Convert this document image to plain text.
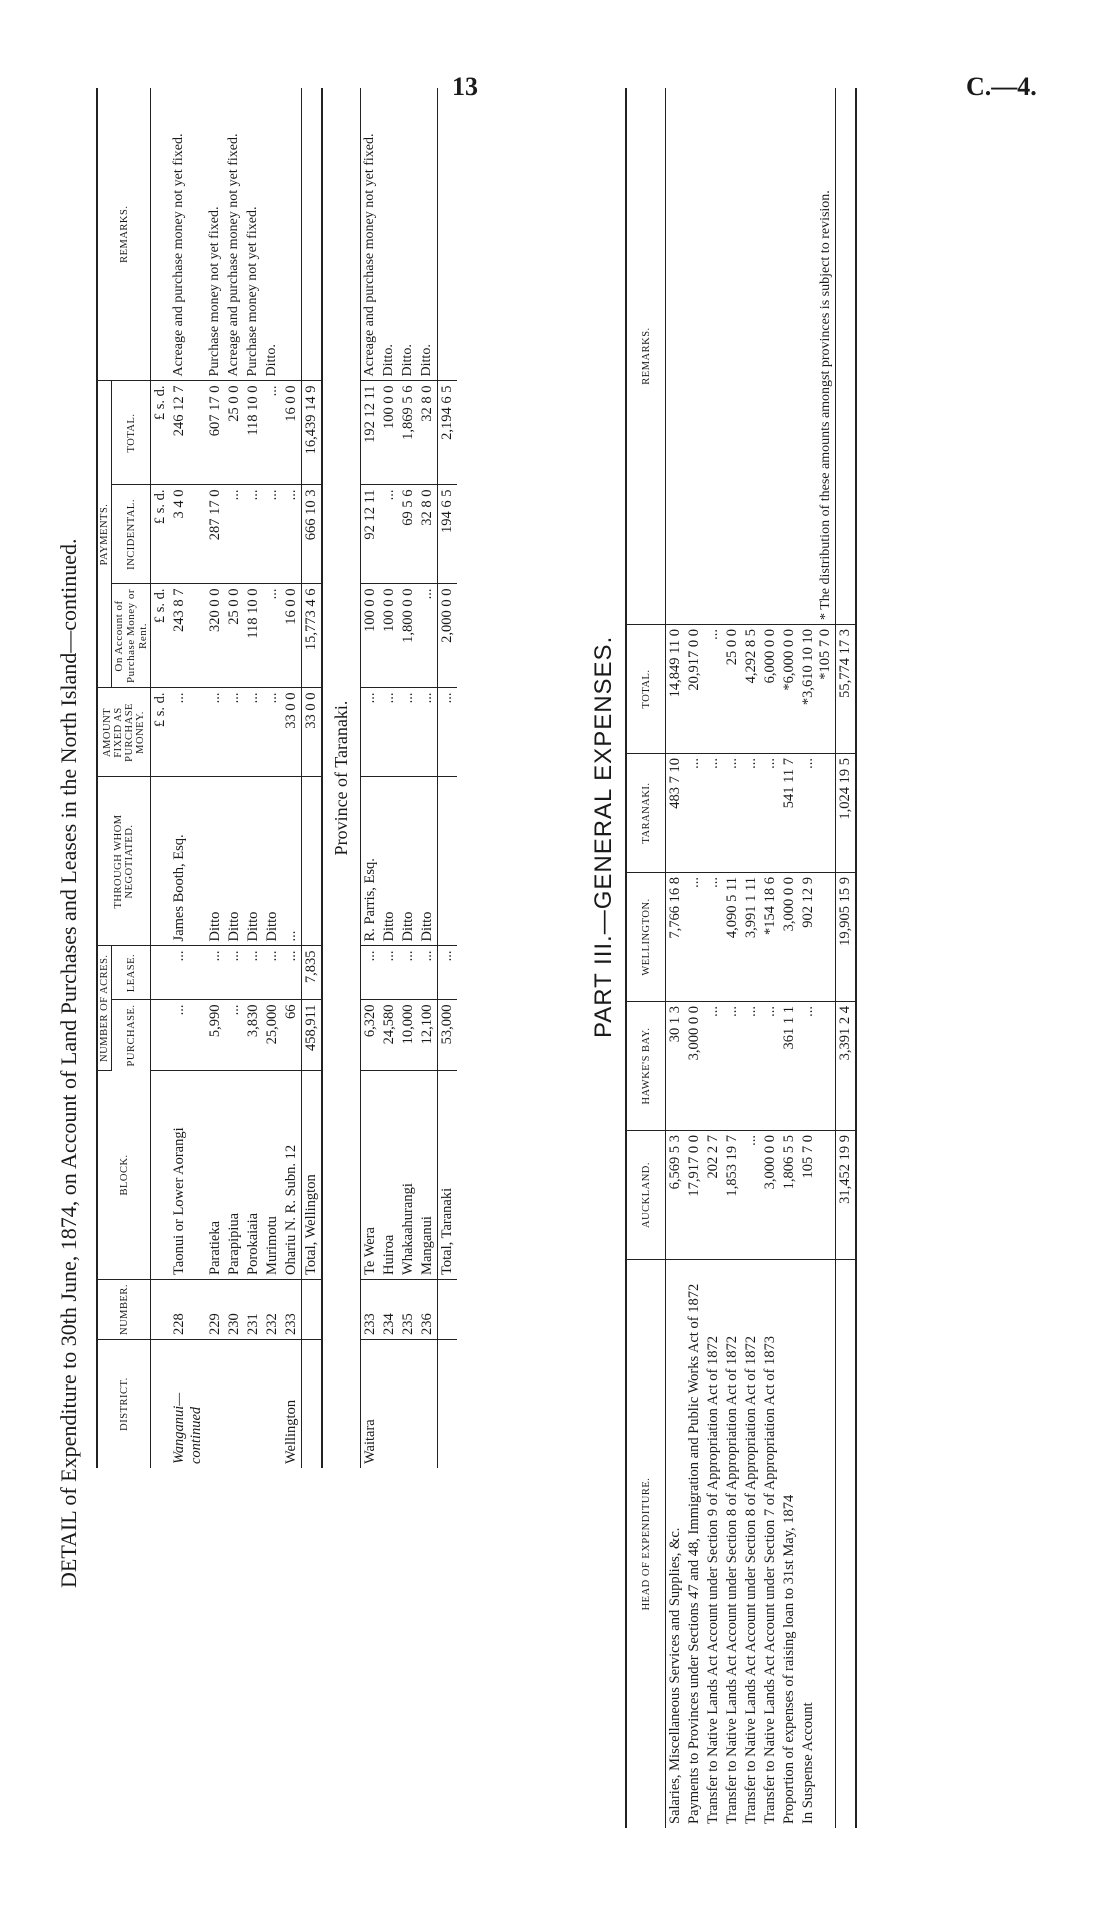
13	C.—4.
DETAIL of Expenditure to 30th June, 1874, on Account of Land Purchases and Leases in the North Island—continued.	DISTRICT.	NUMBER.	BLOCK.	NUMBER OF ACRES.		THROUGH WHOM NEGOTIATED.	AMOUNT FIXED AS PURCHASE MONEY.	PAYMENTS.			REMARKS.
			PURCHASE.	LEASE.			On Account of Purchase Money or Rent.	INCIDENTAL.	TOTAL.	
						£ s. d.	£ s. d.	£ s. d.	£ s. d.	
Wanganui—continued	228	Taonui or Lower Aorangi	...	...	James Booth, Esq.	...	243 8 7	3 4 0	246 12 7	Acreage and purchase money not yet fixed.
	229	Paratieka	5,990	...	Ditto	...	320 0 0	287 17 0	607 17 0	Purchase money not yet fixed.
	230	Parapipiua	...	...	Ditto	...	25 0 0	...	25 0 0	Acreage and purchase money not yet fixed.
	231	Porokaiaia	3,830	...	Ditto	...	118 10 0	...	118 10 0	Purchase money not yet fixed.
	232	Murimotu	25,000	...	Ditto	...	...	...	...	Ditto.
Wellington	233	Ohariu N. R. Subn. 12	66	...	...	33 0 0	16 0 0	...	16 0 0	
		Total, Wellington	458,911	7,835		33 0 0	15,773 4 6	666 10 3	16,439 14 9	
Province of Taranaki.										
Waitara	233	Te Wera	6,320	...	R. Parris, Esq.	...	100 0 0	92 12 11	192 12 11	Acreage and purchase money not yet fixed.
	234	Huiroa	24,580	...	Ditto	...	100 0 0	...	100 0 0	Ditto.
	235	Whakaahurangi	10,000	...	Ditto	...	1,800 0 0	69 5 6	1,869 5 6	Ditto.
	236	Manganui	12,100	...	Ditto	...	...	32 8 0	32 8 0	Ditto.
		Total, Taranaki	53,000	...		...	2,000 0 0	194 6 5	2,194 6 5	
PART III.—GENERAL EXPENSES.
HEAD OF EXPENDITURE.	AUCKLAND.	HAWKE'S BAY.	WELLINGTON.	TARANAKI.	TOTAL.	REMARKS.
Salaries, Miscellaneous Services and Supplies, &c.	6,569 5 3	30 1 3	7,766 16 8	483 7 10	14,849 11 0	* The distribution of these amounts amongst provinces is subject to revision.
Payments to Provinces under Sections 47 and 48, Immigration and Public Works Act of 1872	17,917 0 0	3,000 0 0	...	...	20,917 0 0	
Transfer to Native Lands Act Account under Section 9 of Appropriation Act of 1872	202 2 7	...	...	...	...	
Transfer to Native Lands Act Account under Section 8 of Appropriation Act of 1872	1,853 19 7	...	4,090 5 11	...	25 0 0	
Transfer to Native Lands Act Account under Section 8 of Appropriation Act of 1872	...	...	3,991 1 11	...	4,292 8 5	
Transfer to Native Lands Act Account under Section 7 of Appropriation Act of 1873	3,000 0 0	...	*154 18 6	...	6,000 0 0	
Proportion of expenses of raising loan to 31st May, 1874	1,806 5 5	361 1 1	3,000 0 0	541 11 7	*6,000 0 0	
In Suspense Account	105 7 0	...	902 12 9	...	*3,610 10 10
*105 7 0	
	31,452 19 9	3,391 2 4	19,905 15 9	1,024 19 5	55,774 17 3	
